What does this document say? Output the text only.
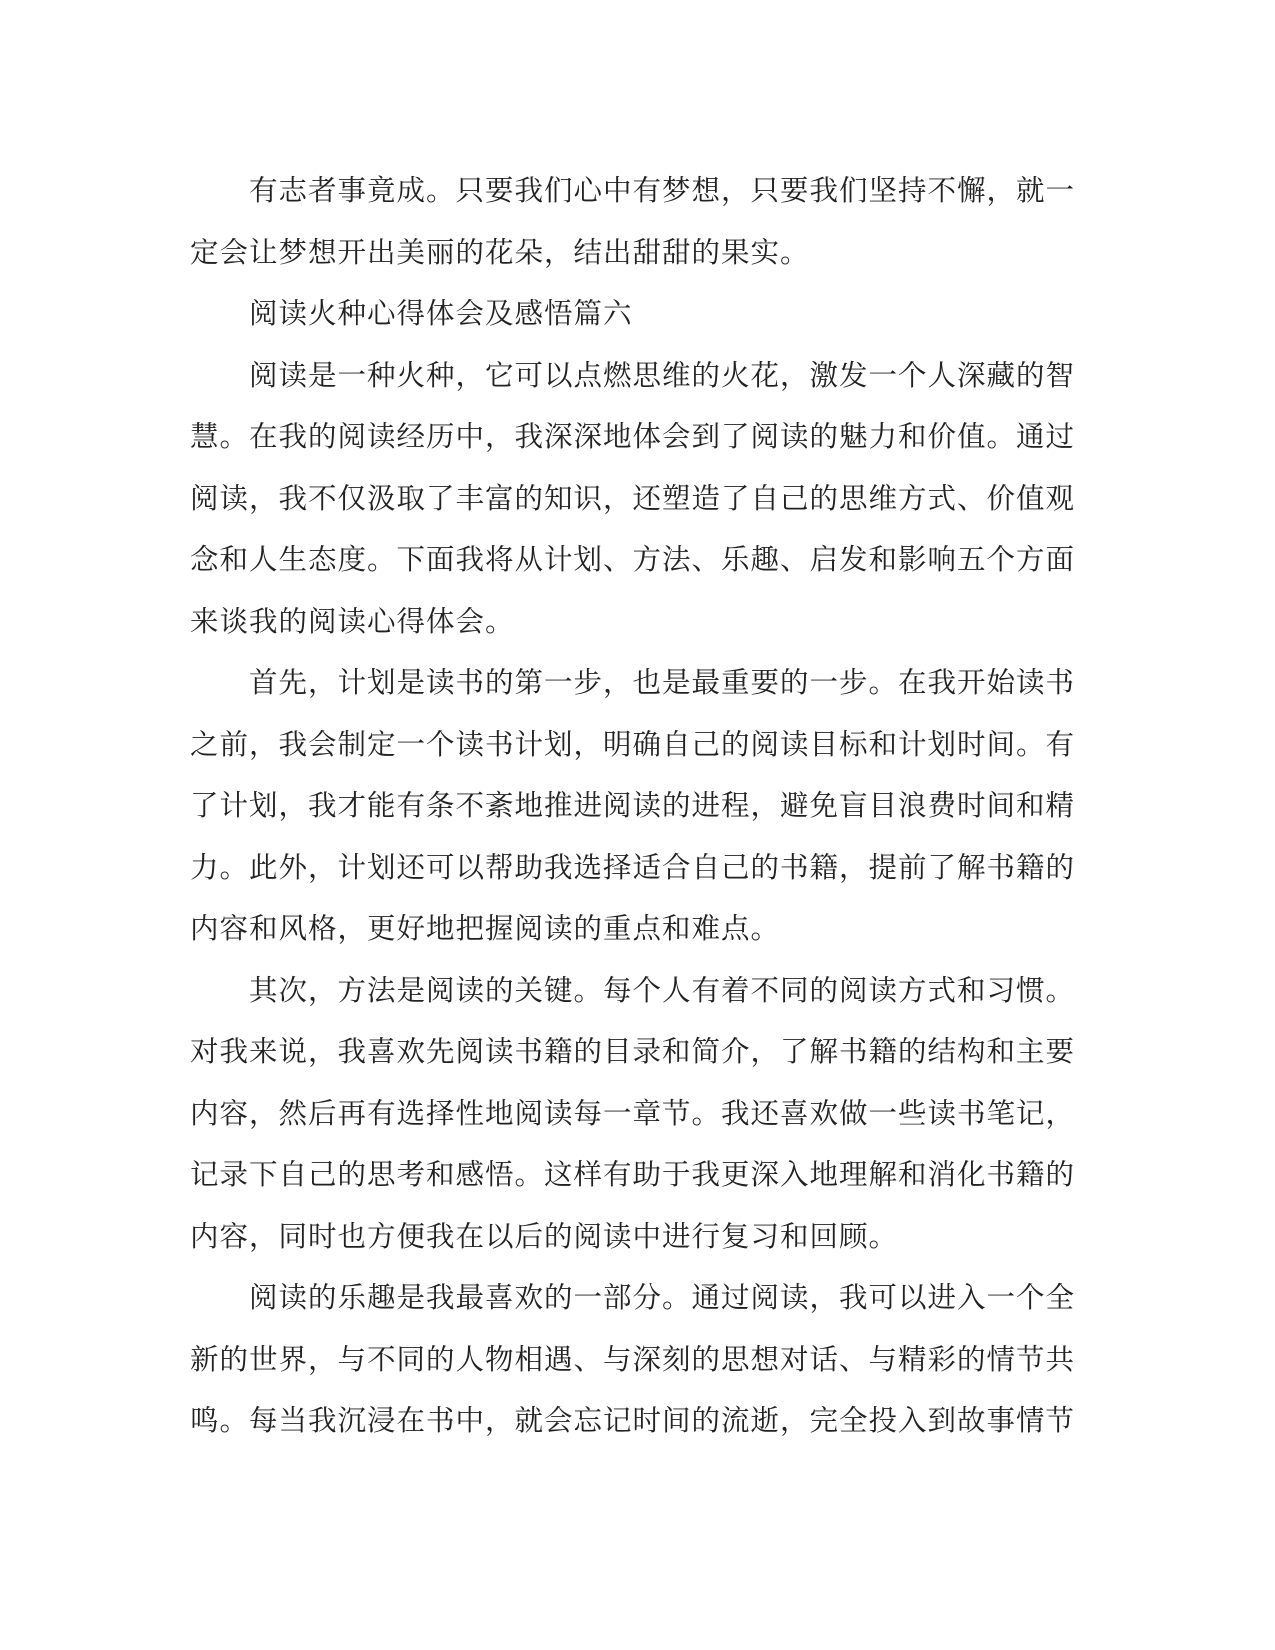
有志者事竟成。只要我们心中有梦想，只要我们坚持不懈，就一定会让梦想开出美丽的花朵，结出甜甜的果实。

阅读火种心得体会及感悟篇六

阅读是一种火种，它可以点燃思维的火花，激发一个人深藏的智慧。在我的阅读经历中，我深深地体会到了阅读的魅力和价值。通过阅读，我不仅汲取了丰富的知识，还塑造了自己的思维方式、价值观念和人生态度。下面我将从计划、方法、乐趣、启发和影响五个方面来谈我的阅读心得体会。

首先，计划是读书的第一步，也是最重要的一步。在我开始读书之前，我会制定一个读书计划，明确自己的阅读目标和计划时间。有了计划，我才能有条不紊地推进阅读的进程，避免盲目浪费时间和精力。此外，计划还可以帮助我选择适合自己的书籍，提前了解书籍的内容和风格，更好地把握阅读的重点和难点。

其次，方法是阅读的关键。每个人有着不同的阅读方式和习惯。对我来说，我喜欢先阅读书籍的目录和简介，了解书籍的结构和主要内容，然后再有选择性地阅读每一章节。我还喜欢做一些读书笔记，记录下自己的思考和感悟。这样有助于我更深入地理解和消化书籍的内容，同时也方便我在以后的阅读中进行复习和回顾。

阅读的乐趣是我最喜欢的一部分。通过阅读，我可以进入一个全新的世界，与不同的人物相遇、与深刻的思想对话、与精彩的情节共鸣。每当我沉浸在书中，就会忘记时间的流逝，完全投入到故事情节
